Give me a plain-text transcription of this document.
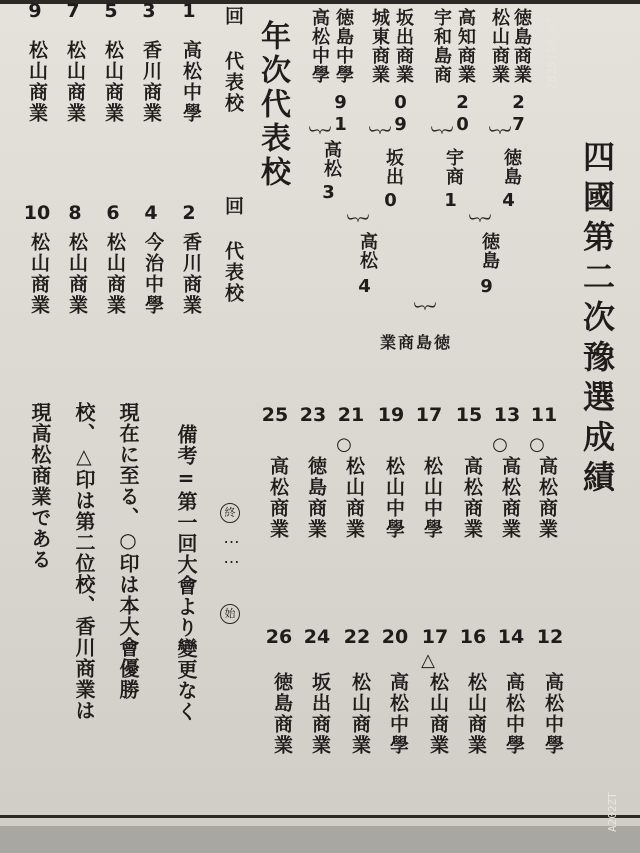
四國第二次豫選成績
徳島商業
27
松山商業
高知商業
20
宇和島商
坂出商業
09
城東商業
徳島中學
91
高松中學
︸
︸
︸
︸
徳島
4
宇商
1
坂出
0
高松
3
︸
︸
徳島
9
高松
4
︸
徳島商業
年次代表校
回 代表校
回 代表校
1
高松中學
3
香川商業
5
松山商業
7
松山商業
9
松山商業
2
香川商業
4
今治中學
6
松山商業
8
松山商業
10
松山商業
11
○
高松商業
13
○
高松商業
15
高松商業
17
松山中學
19
松山中學
21
○
松山商業
23
徳島商業
25
高松商業
12
高松中學
14
高松中學
16
松山商業
17
△
松山商業
20
高松中學
22
松山商業
24
坂出商業
26
徳島商業
終
……
始
備考=第一回大會より變更なく
現在に至る、○印は本大會優勝
校、△印は第二位校、香川商業は
現高松商業である
2025.10.07
A202ZT
